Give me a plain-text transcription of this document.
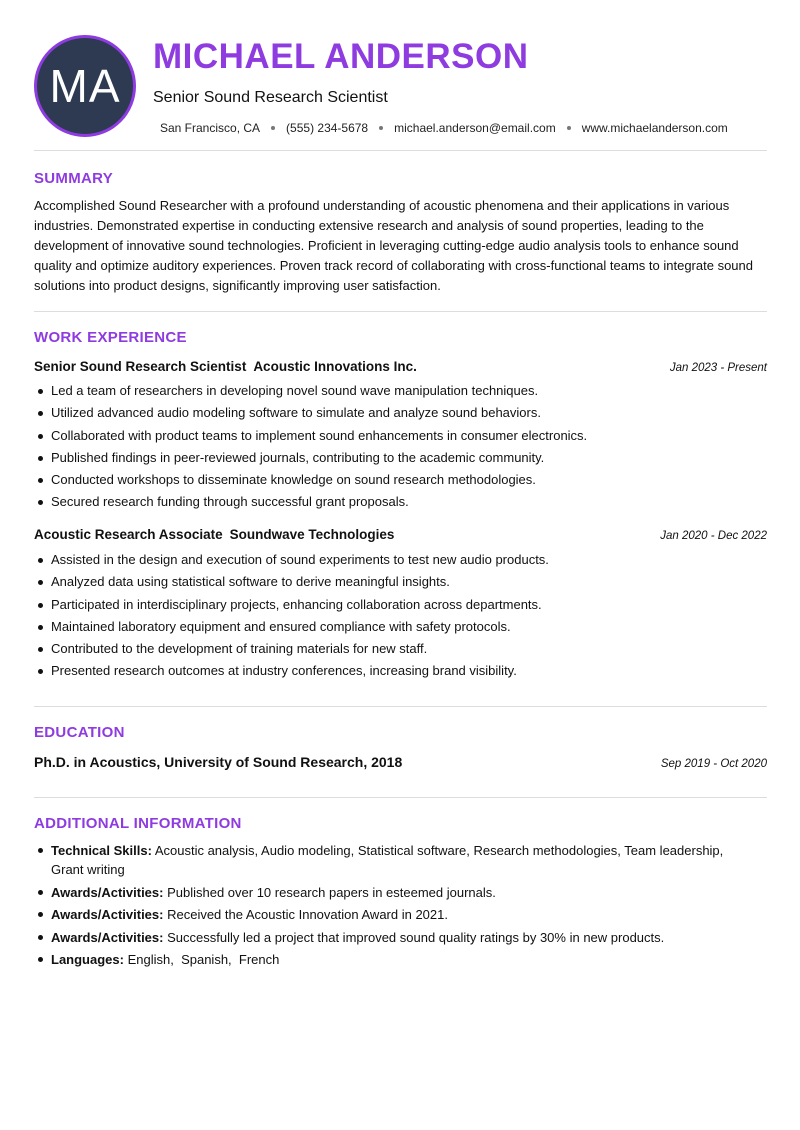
MA
MICHAEL ANDERSON
Senior Sound Research Scientist
San Francisco, CA (555) 234-5678 michael.anderson@email.com www.michaelanderson.com
SUMMARY

Accomplished Sound Researcher with a profound understanding of acoustic phenomena and their applications in various industries. Demonstrated expertise in conducting extensive research and analysis of sound properties, leading to the development of innovative sound technologies. Proficient in leveraging cutting-edge audio analysis tools to enhance sound quality and optimize auditory experiences. Proven track record of collaborating with cross-functional teams to integrate sound solutions into product designs, significantly improving user satisfaction.

WORK EXPERIENCE
Senior Sound Research Scientist Acoustic Innovations Inc.	Jan 2023 - Present
Led a team of researchers in developing novel sound wave manipulation techniques.
Utilized advanced audio modeling software to simulate and analyze sound behaviors.
Collaborated with product teams to implement sound enhancements in consumer electronics.
Published findings in peer-reviewed journals, contributing to the academic community.
Conducted workshops to disseminate knowledge on sound research methodologies.
Secured research funding through successful grant proposals.
Acoustic Research Associate Soundwave Technologies	Jan 2020 - Dec 2022
Assisted in the design and execution of sound experiments to test new audio products.
Analyzed data using statistical software to derive meaningful insights.
Participated in interdisciplinary projects, enhancing collaboration across departments.
Maintained laboratory equipment and ensured compliance with safety protocols.
Contributed to the development of training materials for new staff.
Presented research outcomes at industry conferences, increasing brand visibility.
EDUCATION
Ph.D. in Acoustics, University of Sound Research, 2018	Sep 2019 - Oct 2020
ADDITIONAL INFORMATION
Technical Skills: Acoustic analysis, Audio modeling, Statistical software, Research methodologies, Team leadership, Grant writing
Awards/Activities: Published over 10 research papers in esteemed journals.
Awards/Activities: Received the Acoustic Innovation Award in 2021.
Awards/Activities: Successfully led a project that improved sound quality ratings by 30% in new products.
Languages: English,  Spanish,  French
